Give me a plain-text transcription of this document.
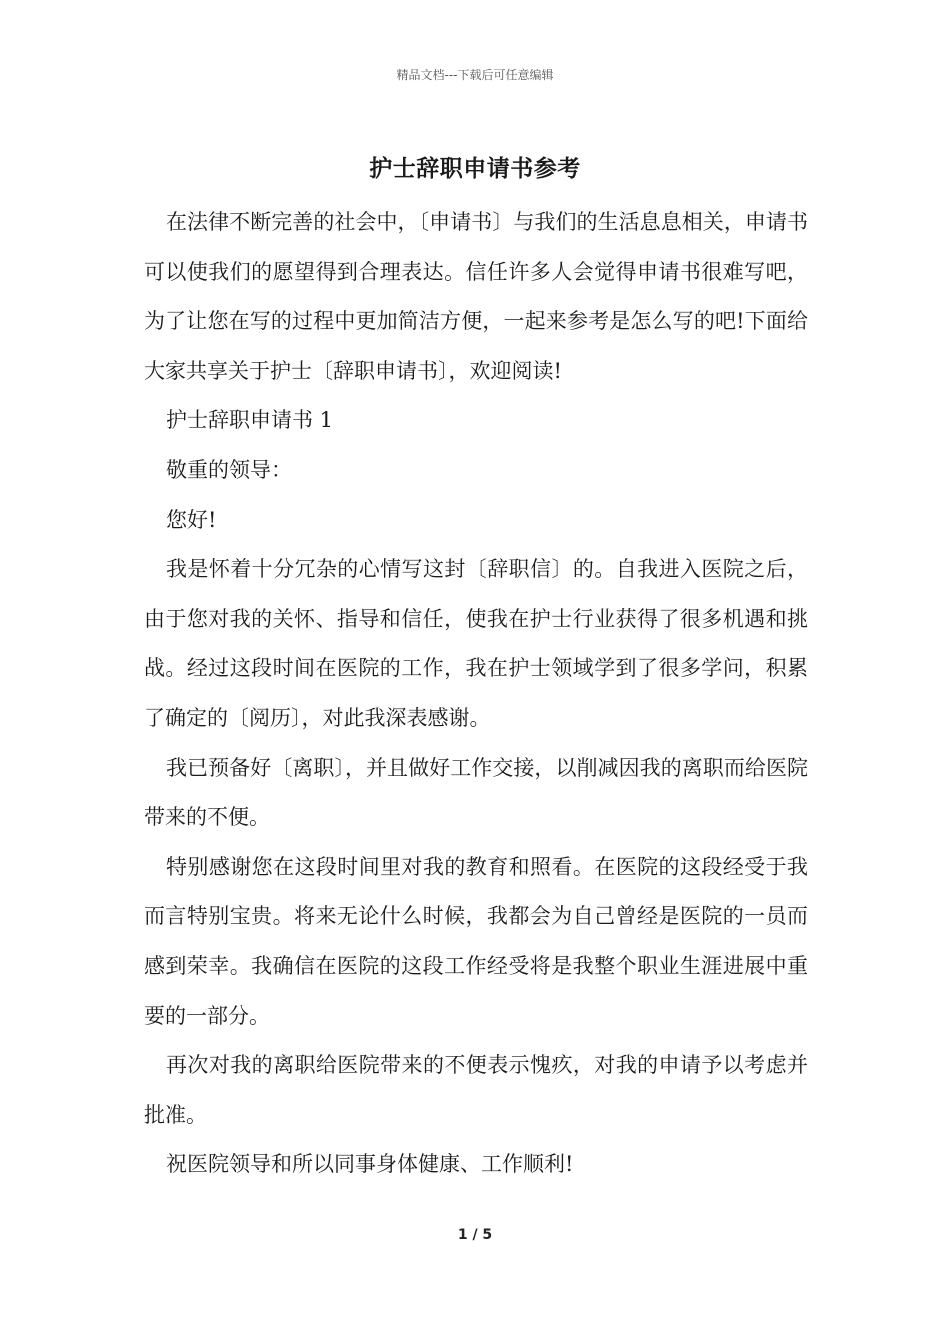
精品文档---下载后可任意编辑
护士辞职申请书参考

在法律不断完善的社会中，〔申请书〕与我们的生活息息相关，申请书可以使我们的愿望得到合理表达。信任许多人会觉得申请书很难写吧，为了让您在写的过程中更加简洁方便，一起来参考是怎么写的吧!下面给大家共享关于护士〔辞职申请书〕，欢迎阅读!

护士辞职申请书 1

敬重的领导：

您好!

我是怀着十分冗杂的心情写这封〔辞职信〕的。自我进入医院之后，由于您对我的关怀、指导和信任，使我在护士行业获得了很多机遇和挑战。经过这段时间在医院的工作，我在护士领域学到了很多学问，积累了确定的〔阅历〕，对此我深表感谢。

我已预备好〔离职〕，并且做好工作交接，以削减因我的离职而给医院带来的不便。

特别感谢您在这段时间里对我的教育和照看。在医院的这段经受于我而言特别宝贵。将来无论什么时候，我都会为自己曾经是医院的一员而感到荣幸。我确信在医院的这段工作经受将是我整个职业生涯进展中重要的一部分。

再次对我的离职给医院带来的不便表示愧疚，对我的申请予以考虑并批准。

祝医院领导和所以同事身体健康、工作顺利!

1 / 5
